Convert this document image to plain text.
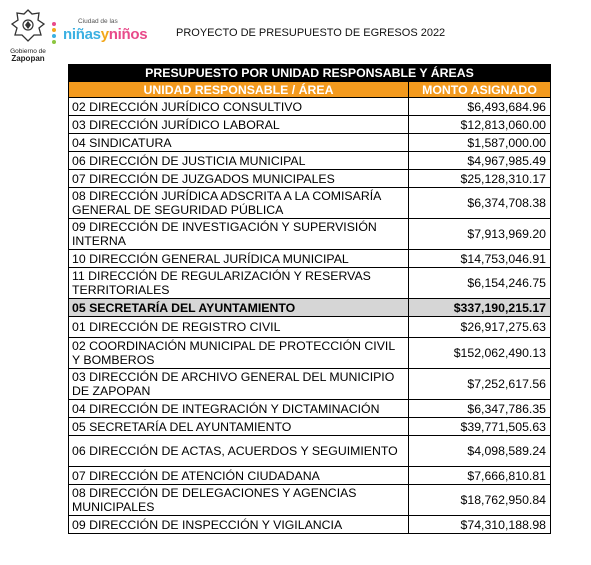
Gobierno de
Zapopan
Ciudad de las
niñasyniños	PROYECTO DE PRESUPUESTO DE EGRESOS 2022
PRESUPUESTO POR UNIDAD RESPONSABLE Y ÁREAS	
UNIDAD RESPONSABLE / ÁREA	MONTO ASIGNADO
02 DIRECCIÓN JURÍDICO CONSULTIVO	$6,493,684.96
03 DIRECCIÓN JURÍDICO LABORAL	$12,813,060.00
04 SINDICATURA	$1,587,000.00
06 DIRECCIÓN DE JUSTICIA MUNICIPAL	$4,967,985.49
07 DIRECCIÓN DE JUZGADOS MUNICIPALES	$25,128,310.17
08 DIRECCIÓN JURÍDICA ADSCRITA A LA COMISARÍA GENERAL DE SEGURIDAD PÚBLICA	$6,374,708.38
09 DIRECCIÓN DE INVESTIGACIÓN Y SUPERVISIÓN INTERNA	$7,913,969.20
10 DIRECCIÓN GENERAL JURÍDICA MUNICIPAL	$14,753,046.91
11 DIRECCIÓN DE REGULARIZACIÓN Y RESERVAS TERRITORIALES	$6,154,246.75
05 SECRETARÍA DEL AYUNTAMIENTO	$337,190,215.17
01 DIRECCIÓN DE REGISTRO CIVIL	$26,917,275.63
02 COORDINACIÓN MUNICIPAL DE PROTECCIÓN CIVIL Y BOMBEROS	$152,062,490.13
03 DIRECCIÓN DE ARCHIVO GENERAL DEL MUNICIPIO DE ZAPOPAN	$7,252,617.56
04 DIRECCIÓN DE INTEGRACIÓN Y DICTAMINACIÓN	$6,347,786.35
05 SECRETARÍA DEL AYUNTAMIENTO	$39,771,505.63
06 DIRECCIÓN DE ACTAS, ACUERDOS Y SEGUIMIENTO	$4,098,589.24
07 DIRECCIÓN DE ATENCIÓN CIUDADANA	$7,666,810.81
08 DIRECCIÓN DE DELEGACIONES Y AGENCIAS MUNICIPALES	$18,762,950.84
09 DIRECCIÓN DE INSPECCIÓN Y VIGILANCIA	$74,310,188.98
